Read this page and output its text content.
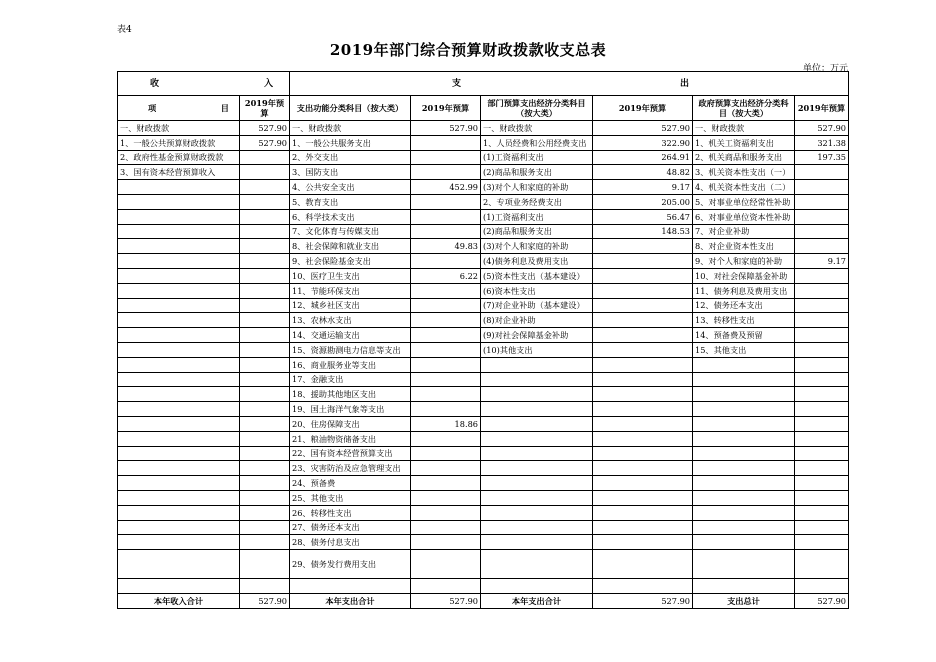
表4
2019年部门综合预算财政拨款收支总表
单位：万元
收 入		支 出					

项 目	2019年预算	支出功能分类科目（按大类）	2019年预算	部门预算支出经济分类科目（按大类）	2019年预算	政府预算支出经济分类科目（按大类）	2019年预算
一、财政拨款	527.90	一、财政拨款	527.90	一、财政拨款	527.90	一、财政拨款	527.90
1、一般公共预算财政拨款	527.90	1、一般公共服务支出		1、人员经费和公用经费支出	322.90	1、机关工资福利支出	321.38
2、政府性基金预算财政拨款		2、外交支出		(1)工资福利支出	264.91	2、机关商品和服务支出	197.35
3、国有资本经营预算收入		3、国防支出		(2)商品和服务支出	48.82	3、机关资本性支出（一）	
		4、公共安全支出	452.99	(3)对个人和家庭的补助	9.17	4、机关资本性支出（二）	
		5、教育支出		2、专项业务经费支出	205.00	5、对事业单位经常性补助	
		6、科学技术支出		(1)工资福利支出	56.47	6、对事业单位资本性补助	
		7、文化体育与传媒支出		(2)商品和服务支出	148.53	7、对企业补助	
		8、社会保障和就业支出	49.83	(3)对个人和家庭的补助		8、对企业资本性支出	
		9、社会保险基金支出		(4)债务利息及费用支出		9、对个人和家庭的补助	9.17
		10、医疗卫生支出	6.22	(5)资本性支出（基本建设）		10、对社会保障基金补助	
		11、节能环保支出		(6)资本性支出		11、债务利息及费用支出	
		12、城乡社区支出		(7)对企业补助（基本建设）		12、债务还本支出	
		13、农林水支出		(8)对企业补助		13、转移性支出	
		14、交通运输支出		(9)对社会保障基金补助		14、预备费及预留	
		15、资源勘测电力信息等支出		(10)其他支出		15、其他支出	
		16、商业服务业等支出					
		17、金融支出					
		18、援助其他地区支出					
		19、国土海洋气象等支出					
		20、住房保障支出	18.86				
		21、粮油物资储备支出					
		22、国有资本经营预算支出					
		23、灾害防治及应急管理支出					
		24、预备费					
		25、其他支出					
		26、转移性支出					
		27、债务还本支出					
		28、债务付息支出					
		29、债务发行费用支出					

本年收入合计	527.90	本年支出合计	527.90	本年支出合计	527.90	支出总计	527.90
